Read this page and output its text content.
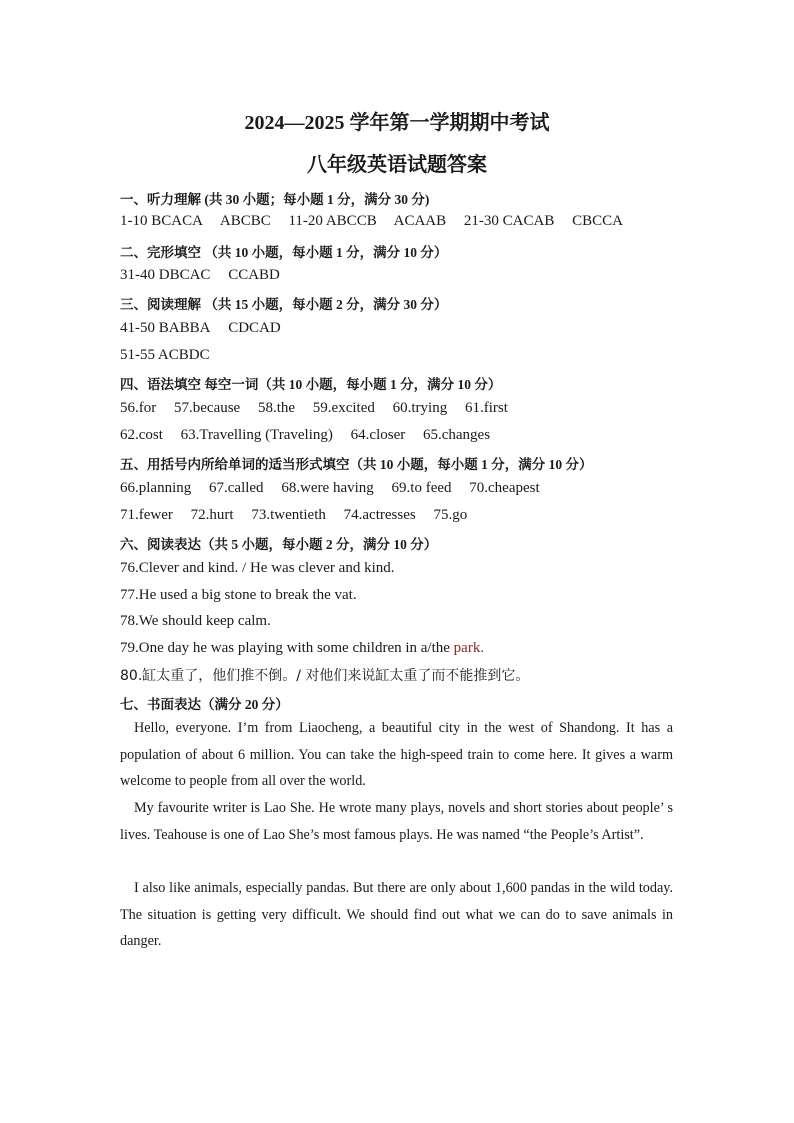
2024—2025 学年第一学期期中考试
八年级英语试题答案
一、听力理解 (共 30 小题；每小题 1 分，满分 30 分)
1-10 BCACA ABCBC 11-20 ABCCB ACAAB 21-30 CACAB CBCCA
二、完形填空 （共 10 小题，每小题 1 分，满分 10 分）
31-40 DBCAC CCABD
三、阅读理解 （共 15 小题，每小题 2 分，满分 30 分）
41-50 BABBA CDCAD
51-55 ACBDC
四、语法填空 每空一词（共 10 小题，每小题 1 分，满分 10 分）
56.for 57.because 58.the 59.excited 60.trying 61.first
62.cost 63.Travelling (Traveling) 64.closer 65.changes
五、用括号内所给单词的适当形式填空（共 10 小题，每小题 1 分，满分 10 分）
66.planning 67.called 68.were having 69.to feed 70.cheapest
71.fewer 72.hurt 73.twentieth 74.actresses 75.go
六、阅读表达（共 5 小题，每小题 2 分，满分 10 分）
76.Clever and kind. / He was clever and kind.
77.He used a big stone to break the vat.
78.We should keep calm.
79.One day he was playing with some children in a/the park.
80.缸太重了，他们推不倒。/ 对他们来说缸太重了而不能推到它。
七、书面表达（满分 20 分）
Hello, everyone. I’m from Liaocheng, a beautiful city in the west of Shandong. It has a population of about 6 million. You can take the high-speed train to come here. It gives a warm welcome to people from all over the world.
My favourite writer is Lao She. He wrote many plays, novels and short stories about people’ s lives. Teahouse is one of Lao She’s most famous plays. He was named “the People’s Artist”.
I also like animals, especially pandas. But there are only about 1,600 pandas in the wild today. The situation is getting very difficult. We should find out what we can do to save animals in danger.
